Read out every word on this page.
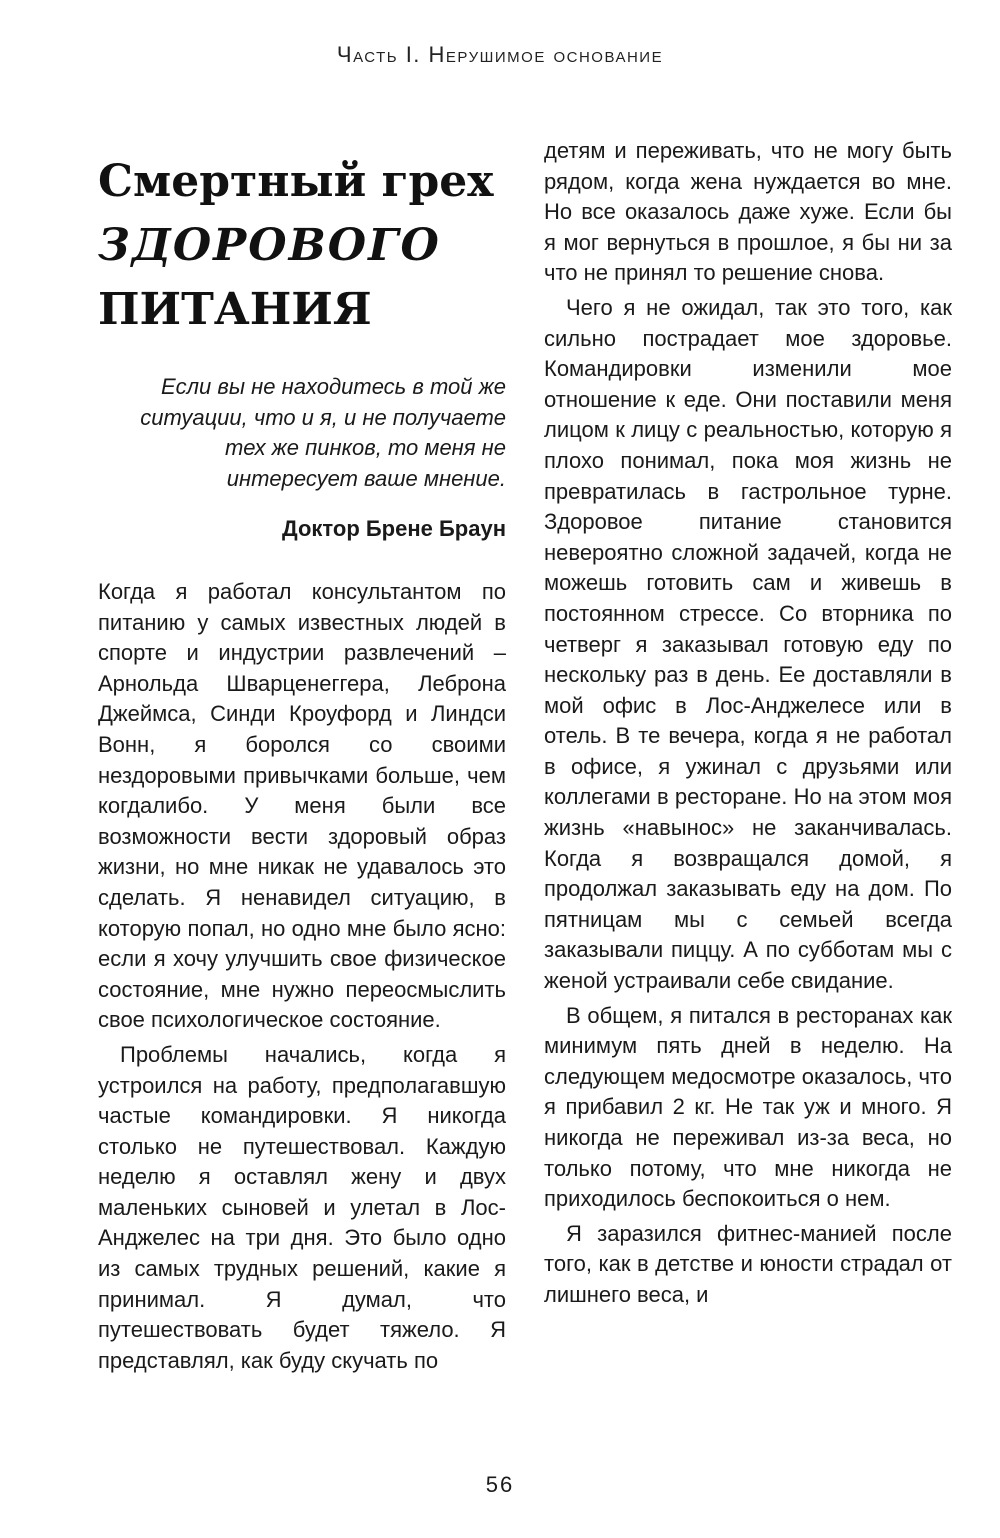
Часть I. Нерушимое основание
Смертный грех
ЗДОРОВОГО
ПИТАНИЯ

Если вы не находитесь в той же ситуации, что и я, и не получаете тех же пинков, то меня не интересует ваше мнение.

Доктор Брене Браун

Когда я работал консультантом по питанию у самых известных людей в спорте и индустрии развлечений – Арнольда Шварценеггера, Леброна Джеймса, Синди Кроуфорд и Линдси Вонн, я боролся со своими нездоровыми привычками больше, чем когдалибо. У меня были все возможности вести здоровый образ жизни, но мне никак не удавалось это сделать. Я ненавидел ситуацию, в которую попал, но одно мне было ясно: если я хочу улучшить свое физическое состояние, мне нужно переосмыслить свое психологическое состояние.

Проблемы начались, когда я устроился на работу, предполагавшую частые командировки. Я никогда столько не путешествовал. Каждую неделю я оставлял жену и двух маленьких сыновей и улетал в Лос-Анджелес на три дня. Это было одно из самых трудных решений, какие я принимал. Я думал, что путешествовать будет тяжело. Я представлял, как буду скучать по

детям и переживать, что не могу быть рядом, когда жена нуждается во мне. Но все оказалось даже хуже. Если бы я мог вернуться в прошлое, я бы ни за что не принял то решение снова.

Чего я не ожидал, так это того, как сильно пострадает мое здоровье. Командировки изменили мое отношение к еде. Они поставили меня лицом к лицу с реальностью, которую я плохо понимал, пока моя жизнь не превратилась в гастрольное турне. Здоровое питание становится невероятно сложной задачей, когда не можешь готовить сам и живешь в постоянном стрессе. Со вторника по четверг я заказывал готовую еду по нескольку раз в день. Ее доставляли в мой офис в Лос-Анджелесе или в отель. В те вечера, когда я не работал в офисе, я ужинал с друзьями или коллегами в ресторане. Но на этом моя жизнь «навынос» не заканчивалась. Когда я возвращался домой, я продолжал заказывать еду на дом. По пятницам мы с семьей всегда заказывали пиццу. А по субботам мы с женой устраивали себе свидание.

В общем, я питался в ресторанах как минимум пять дней в неделю. На следующем медосмотре оказалось, что я прибавил 2 кг. Не так уж и много. Я никогда не переживал из-за веса, но только потому, что мне никогда не приходилось беспокоиться о нем.

Я заразился фитнес-манией после того, как в детстве и юности страдал от лишнего веса, и

56
